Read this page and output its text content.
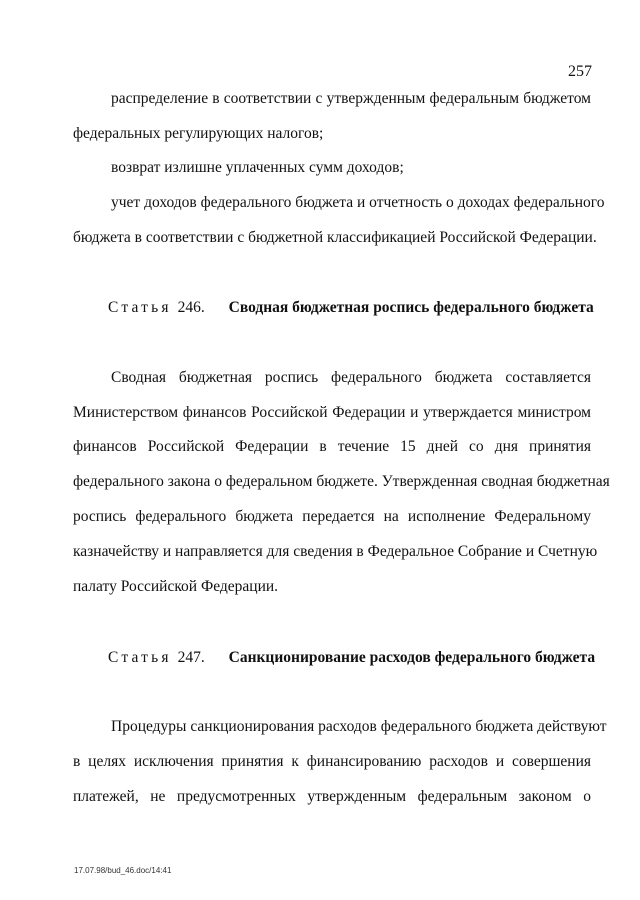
257
распределение в соответствии с утвержденным федеральным бюджетом
федеральных регулирующих налогов;
возврат излишне уплаченных сумм доходов;
учет доходов федерального бюджета и отчетность о доходах федерального
бюджета в соответствии с бюджетной классификацией Российской Федерации.
Статья 246. Сводная бюджетная роспись федерального бюджета
Сводная бюджетная роспись федерального бюджета составляется
Министерством финансов Российской Федерации и утверждается министром
финансов Российской Федерации в течение 15 дней со дня принятия
федерального закона о федеральном бюджете. Утвержденная сводная бюджетная
роспись федерального бюджета передается на исполнение Федеральному
казначейству и направляется для сведения в Федеральное Собрание и Счетную
палату Российской Федерации.
Статья 247. Санкционирование расходов федерального бюджета
Процедуры санкционирования расходов федерального бюджета действуют
в целях исключения принятия к финансированию расходов и совершения
платежей, не предусмотренных утвержденным федеральным законом о
17.07.98/bud_46.doc/14:41
